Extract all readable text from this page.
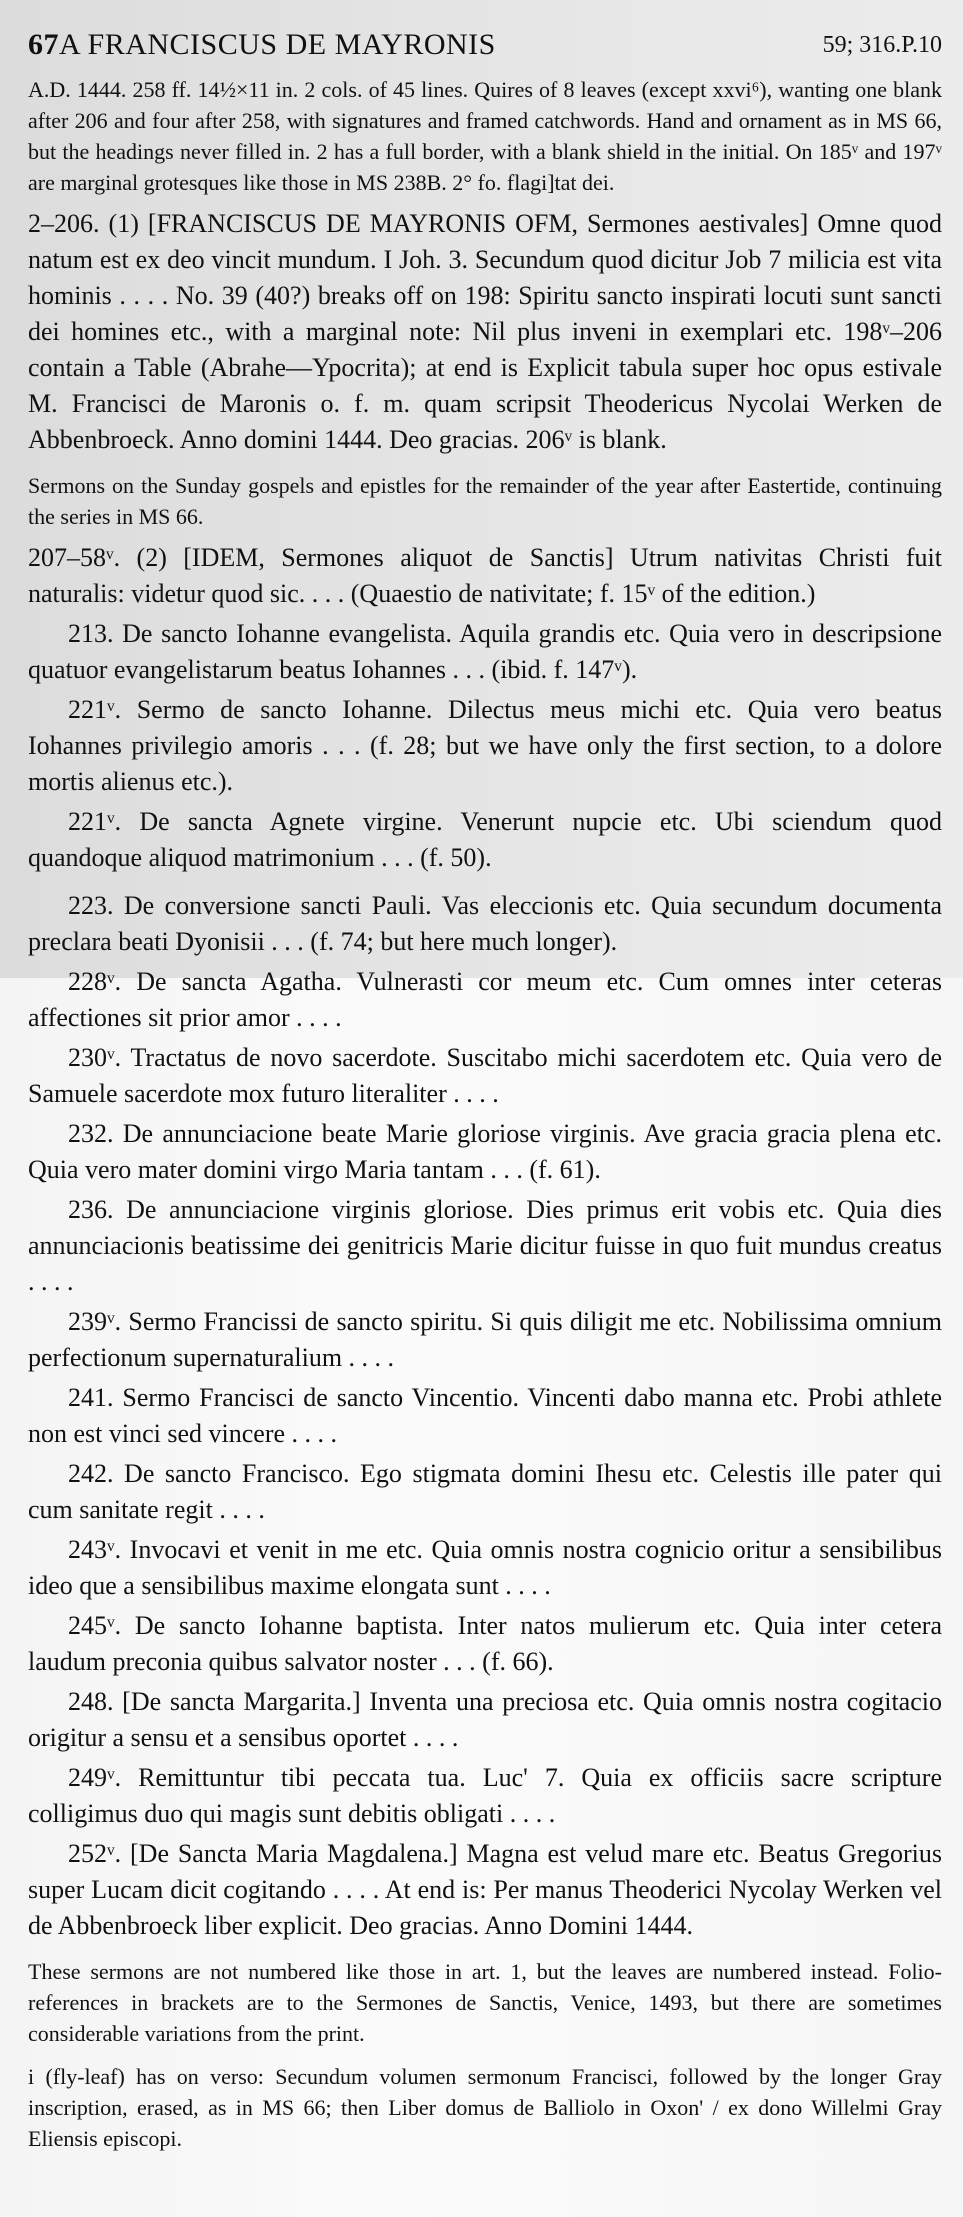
67A FRANCISCUS DE MAYRONIS	59; 316.P.10

A.D. 1444. 258 ff. 14½×11 in. 2 cols. of 45 lines. Quires of 8 leaves (except xxvi⁶), wanting one blank after 206 and four after 258, with signatures and framed catchwords. Hand and ornament as in MS 66, but the headings never filled in. 2 has a full border, with a blank shield in the initial. On 185ᵛ and 197ᵛ are marginal grotesques like those in MS 238B. 2° fo. flagi]tat dei.

2–206. (1) [FRANCISCUS DE MAYRONIS OFM, Sermones aestivales] Omne quod natum est ex deo vincit mundum. I Joh. 3. Secundum quod dicitur Job 7 milicia est vita hominis . . . . No. 39 (40?) breaks off on 198: Spiritu sancto inspirati locuti sunt sancti dei homines etc., with a marginal note: Nil plus inveni in exemplari etc. 198ᵛ–206 contain a Table (Abrahe—Ypocrita); at end is Explicit tabula super hoc opus estivale M. Francisci de Maronis o. f. m. quam scripsit Theodericus Nycolai Werken de Abbenbroeck. Anno domini 1444. Deo gracias. 206ᵛ is blank.

Sermons on the Sunday gospels and epistles for the remainder of the year after Eastertide, continuing the series in MS 66.

207–58ᵛ. (2) [IDEM, Sermones aliquot de Sanctis] Utrum nativitas Christi fuit naturalis: videtur quod sic. . . . (Quaestio de nativitate; f. 15ᵛ of the edition.)

213. De sancto Iohanne evangelista. Aquila grandis etc. Quia vero in descripsione quatuor evangelistarum beatus Iohannes . . . (ibid. f. 147ᵛ).

221ᵛ. Sermo de sancto Iohanne. Dilectus meus michi etc. Quia vero beatus Iohannes privilegio amoris . . . (f. 28; but we have only the first section, to a dolore mortis alienus etc.).

221ᵛ. De sancta Agnete virgine. Venerunt nupcie etc. Ubi sciendum quod quandoque aliquod matrimonium . . . (f. 50).

223. De conversione sancti Pauli. Vas eleccionis etc. Quia secundum documenta preclara beati Dyonisii . . . (f. 74; but here much longer).

228ᵛ. De sancta Agatha. Vulnerasti cor meum etc. Cum omnes inter ceteras affectiones sit prior amor . . . .

230ᵛ. Tractatus de novo sacerdote. Suscitabo michi sacerdotem etc. Quia vero de Samuele sacerdote mox futuro literaliter . . . .

232. De annunciacione beate Marie gloriose virginis. Ave gracia gracia plena etc. Quia vero mater domini virgo Maria tantam . . . (f. 61).

236. De annunciacione virginis gloriose. Dies primus erit vobis etc. Quia dies annunciacionis beatissime dei genitricis Marie dicitur fuisse in quo fuit mundus creatus . . . .

239ᵛ. Sermo Francissi de sancto spiritu. Si quis diligit me etc. Nobilissima omnium perfectionum supernaturalium . . . .

241. Sermo Francisci de sancto Vincentio. Vincenti dabo manna etc. Probi athlete non est vinci sed vincere . . . .

242. De sancto Francisco. Ego stigmata domini Ihesu etc. Celestis ille pater qui cum sanitate regit . . . .

243ᵛ. Invocavi et venit in me etc. Quia omnis nostra cognicio oritur a sensibilibus ideo que a sensibilibus maxime elongata sunt . . . .

245ᵛ. De sancto Iohanne baptista. Inter natos mulierum etc. Quia inter cetera laudum preconia quibus salvator noster . . . (f. 66).

248. [De sancta Margarita.] Inventa una preciosa etc. Quia omnis nostra cogitacio origitur a sensu et a sensibus oportet . . . .

249ᵛ. Remittuntur tibi peccata tua. Luc' 7. Quia ex officiis sacre scripture colligimus duo qui magis sunt debitis obligati . . . .

252ᵛ. [De Sancta Maria Magdalena.] Magna est velud mare etc. Beatus Gregorius super Lucam dicit cogitando . . . . At end is: Per manus Theoderici Nycolay Werken vel de Abbenbroeck liber explicit. Deo gracias. Anno Domini 1444.

These sermons are not numbered like those in art. 1, but the leaves are numbered instead. Folio-references in brackets are to the Sermones de Sanctis, Venice, 1493, but there are sometimes considerable variations from the print.

i (fly-leaf) has on verso: Secundum volumen sermonum Francisci, followed by the longer Gray inscription, erased, as in MS 66; then Liber domus de Balliolo in Oxon' / ex dono Willelmi Gray Eliensis episcopi.
